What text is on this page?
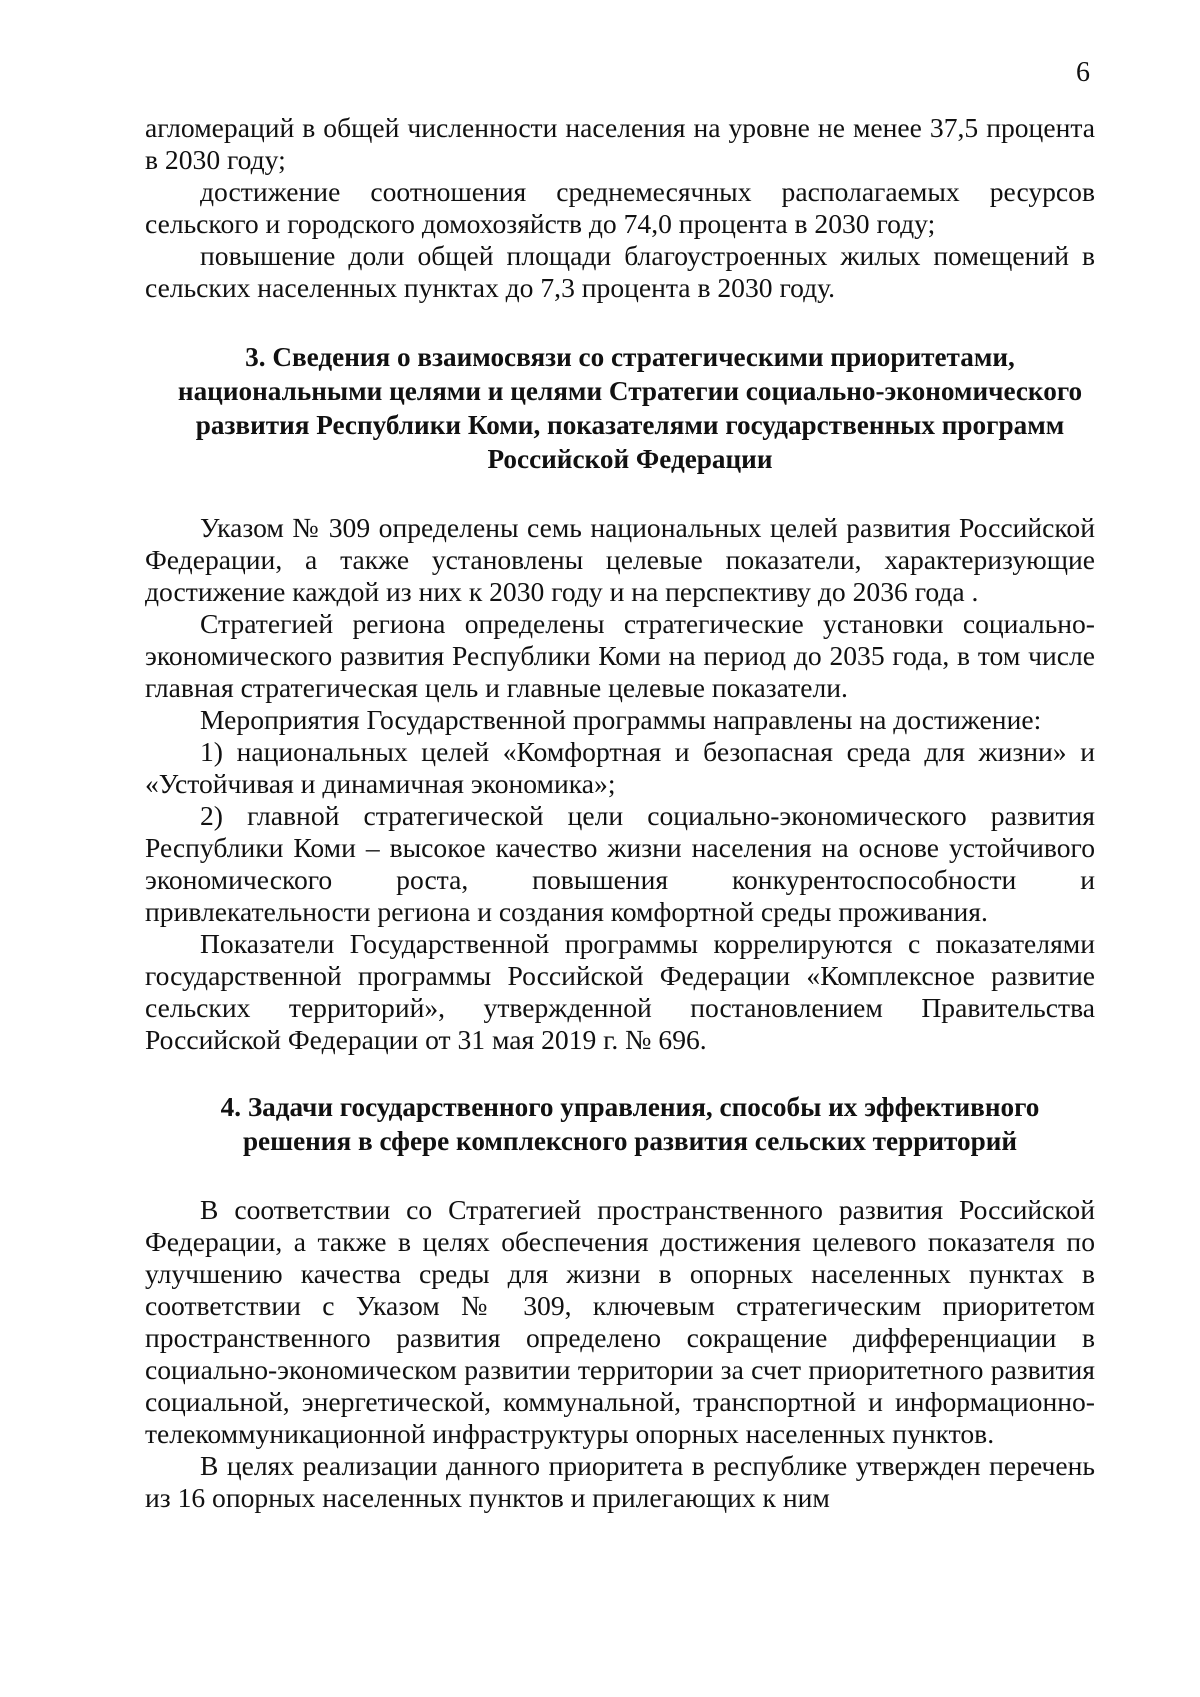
6

агломераций в общей численности населения на уровне не менее 37,5 процента в 2030 году;

достижение соотношения среднемесячных располагаемых ресурсов сельского и городского домохозяйств до 74,0 процента в 2030 году;

повышение доли общей площади благоустроенных жилых помещений в сельских населенных пунктах до 7,3 процента в 2030 году.

3. Сведения о взаимосвязи со стратегическими приоритетами, национальными целями и целями Стратегии социально-экономического развития Республики Коми, показателями государственных программ Российской Федерации

Указом № 309 определены семь национальных целей развития Российской Федерации, а также установлены целевые показатели, характеризующие достижение каждой из них к 2030 году и на перспективу до 2036 года .

Стратегией региона определены стратегические установки социально-экономического развития Республики Коми на период до 2035 года, в том числе главная стратегическая цель и главные целевые показатели.

Мероприятия Государственной программы направлены на достижение:

1) национальных целей «Комфортная и безопасная среда для жизни» и «Устойчивая и динамичная экономика»;

2) главной стратегической цели социально-экономического развития Республики Коми – высокое качество жизни населения на основе устойчивого экономического роста, повышения конкурентоспособности и привлекательности региона и создания комфортной среды проживания.

Показатели Государственной программы коррелируются с показателями государственной программы Российской Федерации «Комплексное развитие сельских территорий», утвержденной постановлением Правительства Российской Федерации от 31 мая 2019 г. № 696.

4. Задачи государственного управления, способы их эффективного решения в сфере комплексного развития сельских территорий

В соответствии со Стратегией пространственного развития Российской Федерации, а также в целях обеспечения достижения целевого показателя по улучшению качества среды для жизни в опорных населенных пунктах в соответствии с Указом № 309, ключевым стратегическим приоритетом пространственного развития определено сокращение дифференциации в социально-экономическом развитии территории за счет приоритетного развития социальной, энергетической, коммунальной, транспортной и информационно-телекоммуникационной инфраструктуры опорных населенных пунктов.

В целях реализации данного приоритета в республике утвержден перечень из 16 опорных населенных пунктов и прилегающих к ним
